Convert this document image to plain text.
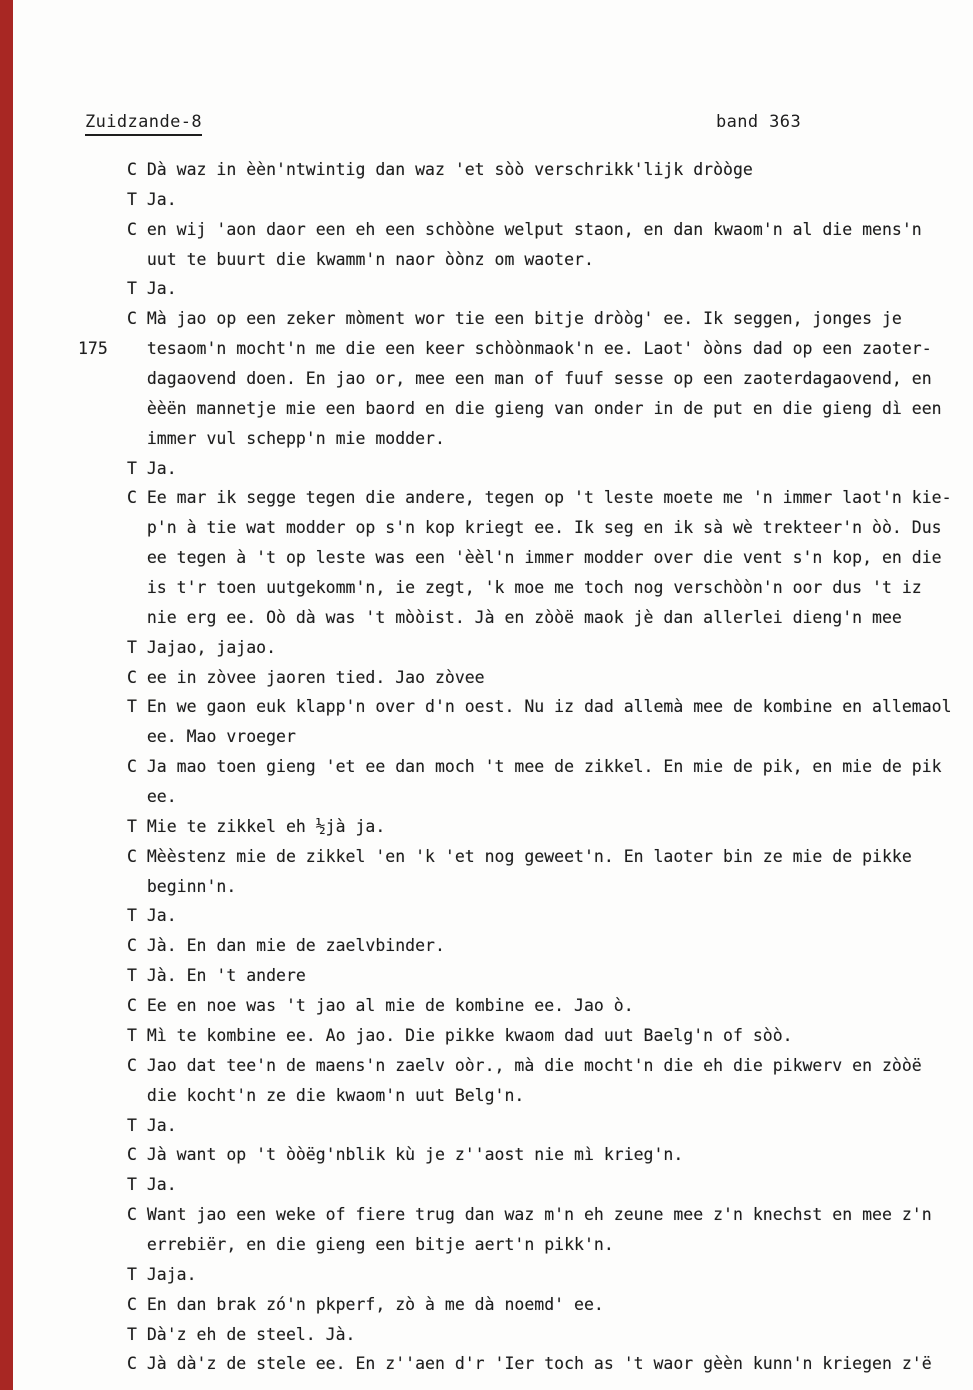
Zuidzande-8

	band 363

C Dà waz in èèn'ntwintig dan waz 'et sòò verschrikk'lijk dròòge
T Ja.
C en wij 'aon daor een eh een schòòne welput staon, en dan kwaom'n al die mens'n
uut te buurt die kwamm'n naor òònz om waoter.
T Ja.
C Mà jao op een zeker mòment wor tie een bitje dròòg' ee. Ik seggen, jonges je
175 tesaom'n mocht'n me die een keer schòònmaok'n ee. Laot' òòns dad op een zaoter-
dagaovend doen. En jao or, mee een man of fuuf sesse op een zaoterdagaovend, en
èèën mannetje mie een baord en die gieng van onder in de put en die gieng dì een
immer vul schepp'n mie modder.
T Ja.
C Ee mar ik segge tegen die andere, tegen op 't leste moete me 'n immer laot'n kie-
p'n à tie wat modder op s'n kop kriegt ee. Ik seg en ik sà wè trekteer'n òò. Dus
ee tegen à 't op leste was een 'èèl'n immer modder over die vent s'n kop, en die
is t'r toen uutgekomm'n, ie zegt, 'k moe me toch nog verschòòn'n oor dus 't iz
nie erg ee. Oò dà was 't mòòist. Jà en zòòë maok jè dan allerlei dieng'n mee
T Jajao, jajao.
C ee in zòvee jaoren tied. Jao zòvee
T En we gaon euk klapp'n over d'n oest. Nu iz dad allemà mee de kombine en allemaol
ee. Mao vroeger
C Ja mao toen gieng 'et ee dan moch 't mee de zikkel. En mie de pik, en mie de pik
ee.
T Mie te zikkel eh ½jà ja.
C Mèèstenz mie de zikkel 'en 'k 'et nog geweet'n. En laoter bin ze mie de pikke
beginn'n.
T Ja.
C Jà. En dan mie de zaelvbinder.
T Jà. En 't andere
C Ee en noe was 't jao al mie de kombine ee. Jao ò.
T Mì te kombine ee. Ao jao. Die pikke kwaom dad uut Baelg'n of sòò.
C Jao dat tee'n de maens'n zaelv oòr., mà die mocht'n die eh die pikwerv en zòòë
die kocht'n ze die kwaom'n uut Belg'n.
T Ja.
C Jà want op 't òòëg'nblik kù je z''aost nie mì krieg'n.
T Ja.
C Want jao een weke of fiere trug dan waz m'n eh zeune mee z'n knechst en mee z'n
errebiër, en die gieng een bitje aert'n pikk'n.
T Jaja.
C En dan brak zó'n pkperf, zò à me dà noemd' ee.
T Dà'z eh de steel. Jà.
C Jà dà'z de stele ee. En z''aen d'r 'Ier toch as 't waor gèèn kunn'n kriegen z'ë
